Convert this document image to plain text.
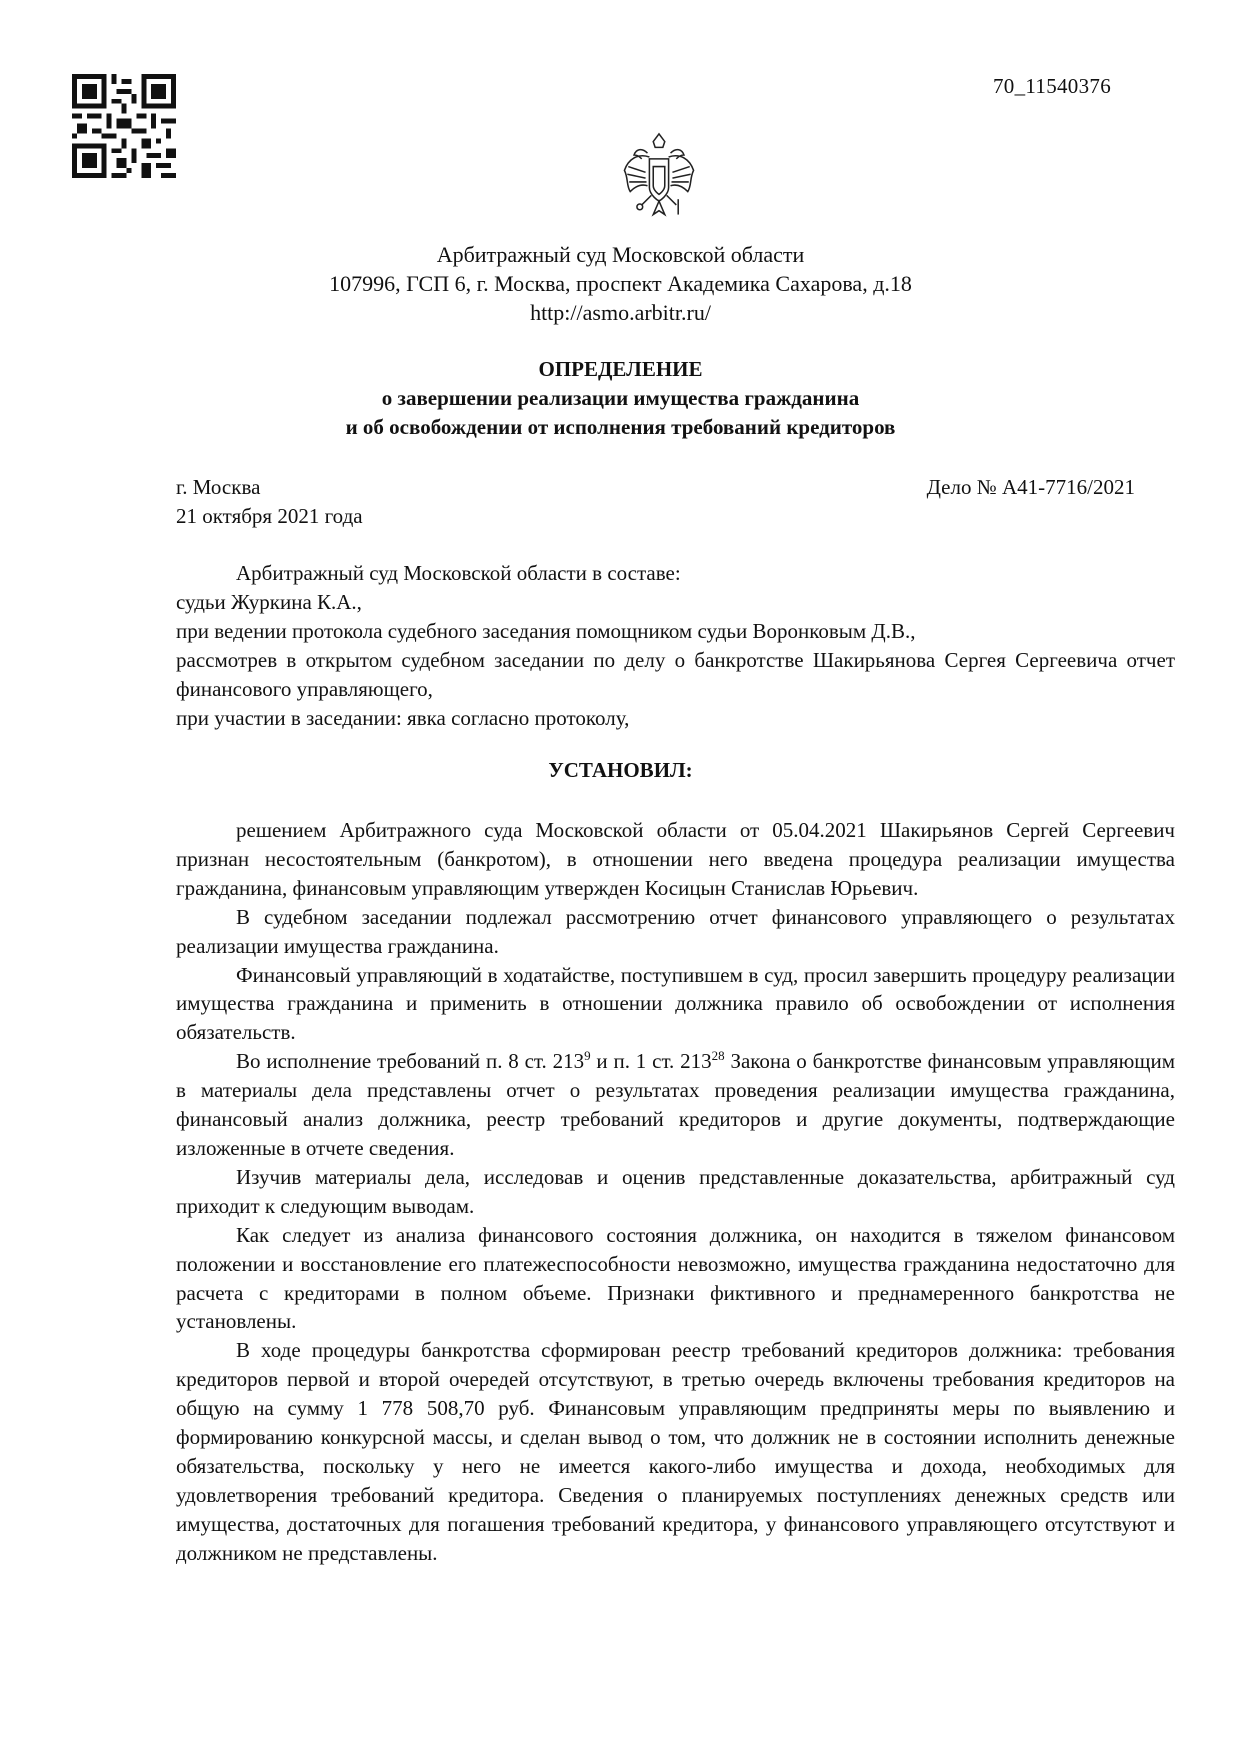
70_11540376
Арбитражный суд Московской области
107996, ГСП 6, г. Москва, проспект Академика Сахарова, д.18
http://asmo.arbitr.ru/
ОПРЕДЕЛЕНИЕ
о завершении реализации имущества гражданина
и об освобождении от исполнения требований кредиторов
г. Москва
21 октября 2021 года
Дело № А41-7716/2021

Арбитражный суд Московской области в составе:

судьи Журкина К.А.,

при ведении протокола судебного заседания помощником судьи Воронковым Д.В.,

рассмотрев в открытом судебном заседании по делу о банкротстве Шакирьянова Сергея Сергеевича отчет финансового управляющего,

при участии в заседании: явка согласно протоколу,

УСТАНОВИЛ:

решением Арбитражного суда Московской области от 05.04.2021 Шакирьянов Сергей Сергеевич признан несостоятельным (банкротом), в отношении него введена процедура реализации имущества гражданина, финансовым управляющим утвержден Косицын Станислав Юрьевич.

В судебном заседании подлежал рассмотрению отчет финансового управляющего о результатах реализации имущества гражданина.

Финансовый управляющий в ходатайстве, поступившем в суд, просил завершить процедуру реализации имущества гражданина и применить в отношении должника правило об освобождении от исполнения обязательств.

Во исполнение требований п. 8 ст. $213^9$ и п. 1 ст. $213^{28}$ Закона о банкротстве финансовым управляющим в материалы дела представлены отчет о результатах проведения реализации имущества гражданина, финансовый анализ должника, реестр требований кредиторов и другие документы, подтверждающие изложенные в отчете сведения.

Изучив материалы дела, исследовав и оценив представленные доказательства, арбитражный суд приходит к следующим выводам.

Как следует из анализа финансового состояния должника, он находится в тяжелом финансовом положении и восстановление его платежеспособности невозможно, имущества гражданина недостаточно для расчета с кредиторами в полном объеме. Признаки фиктивного и преднамеренного банкротства не установлены.

В ходе процедуры банкротства сформирован реестр требований кредиторов должника: требования кредиторов первой и второй очередей отсутствуют, в третью очередь включены требования кредиторов на общую на сумму 1 778 508,70 руб. Финансовым управляющим предприняты меры по выявлению и формированию конкурсной массы, и сделан вывод о том, что должник не в состоянии исполнить денежные обязательства, поскольку у него не имеется какого-либо имущества и дохода, необходимых для удовлетворения требований кредитора. Сведения о планируемых поступлениях денежных средств или имущества, достаточных для погашения требований кредитора, у финансового управляющего отсутствуют и должником не представлены.
